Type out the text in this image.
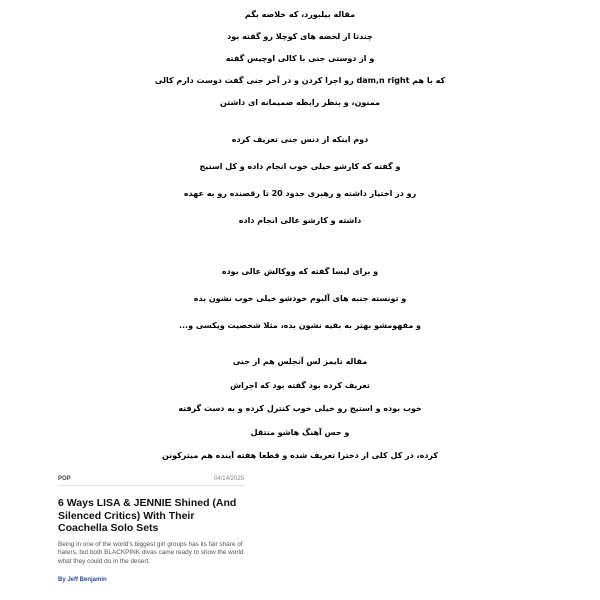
مقاله بیلبورد، که خلاصه بگم
چندتا از لحضه های کوچلا رو گفته بود
و از دوستی جنی با کالی اوچیس گفته
که با هم dam,n right رو اجرا کردن و در آخر جنی گفت دوست دارم کالی
ممنون، و بنظر رابطه صمیمانه ای داشتن
دوم اینکه از دنس جنی تعریف کرده
و گفته که کارشو خیلی خوب انجام داده و کل استیج
رو در اختیار داشته و رهبری حدود 20 تا رقصنده رو به عهده
داشته و کارشو عالی انجام داده
و برای لیسا گفته که ووکالش عالی بوده
و تونسته جنبه های آلبوم خودشو خیلی خوب نشون بده
و مفهومشو بهتر به بقیه نشون بده، مثلا شخصیت ویکسی و...
مقاله تایمز لس آنجلس هم از جنی
تعریف کرده بود گفته بود که اجراش
خوب بوده و استیج رو خیلی خوب کنترل کرده و به دست گرفته
و حس آهنگ هاشو منتقل
کرده، در کل کلی از دخترا تعریف شده و قطعا هفته آینده هم میترکونن
POP	04/14/2025
6 Ways LISA & JENNIE Shined (And Silenced Critics) With Their Coachella Solo Sets
Being in one of the world's biggest girl groups has its fair share of haters, but both BLACKPINK divas came ready to show the world what they could do in the desert.
By Jeff Benjamin
